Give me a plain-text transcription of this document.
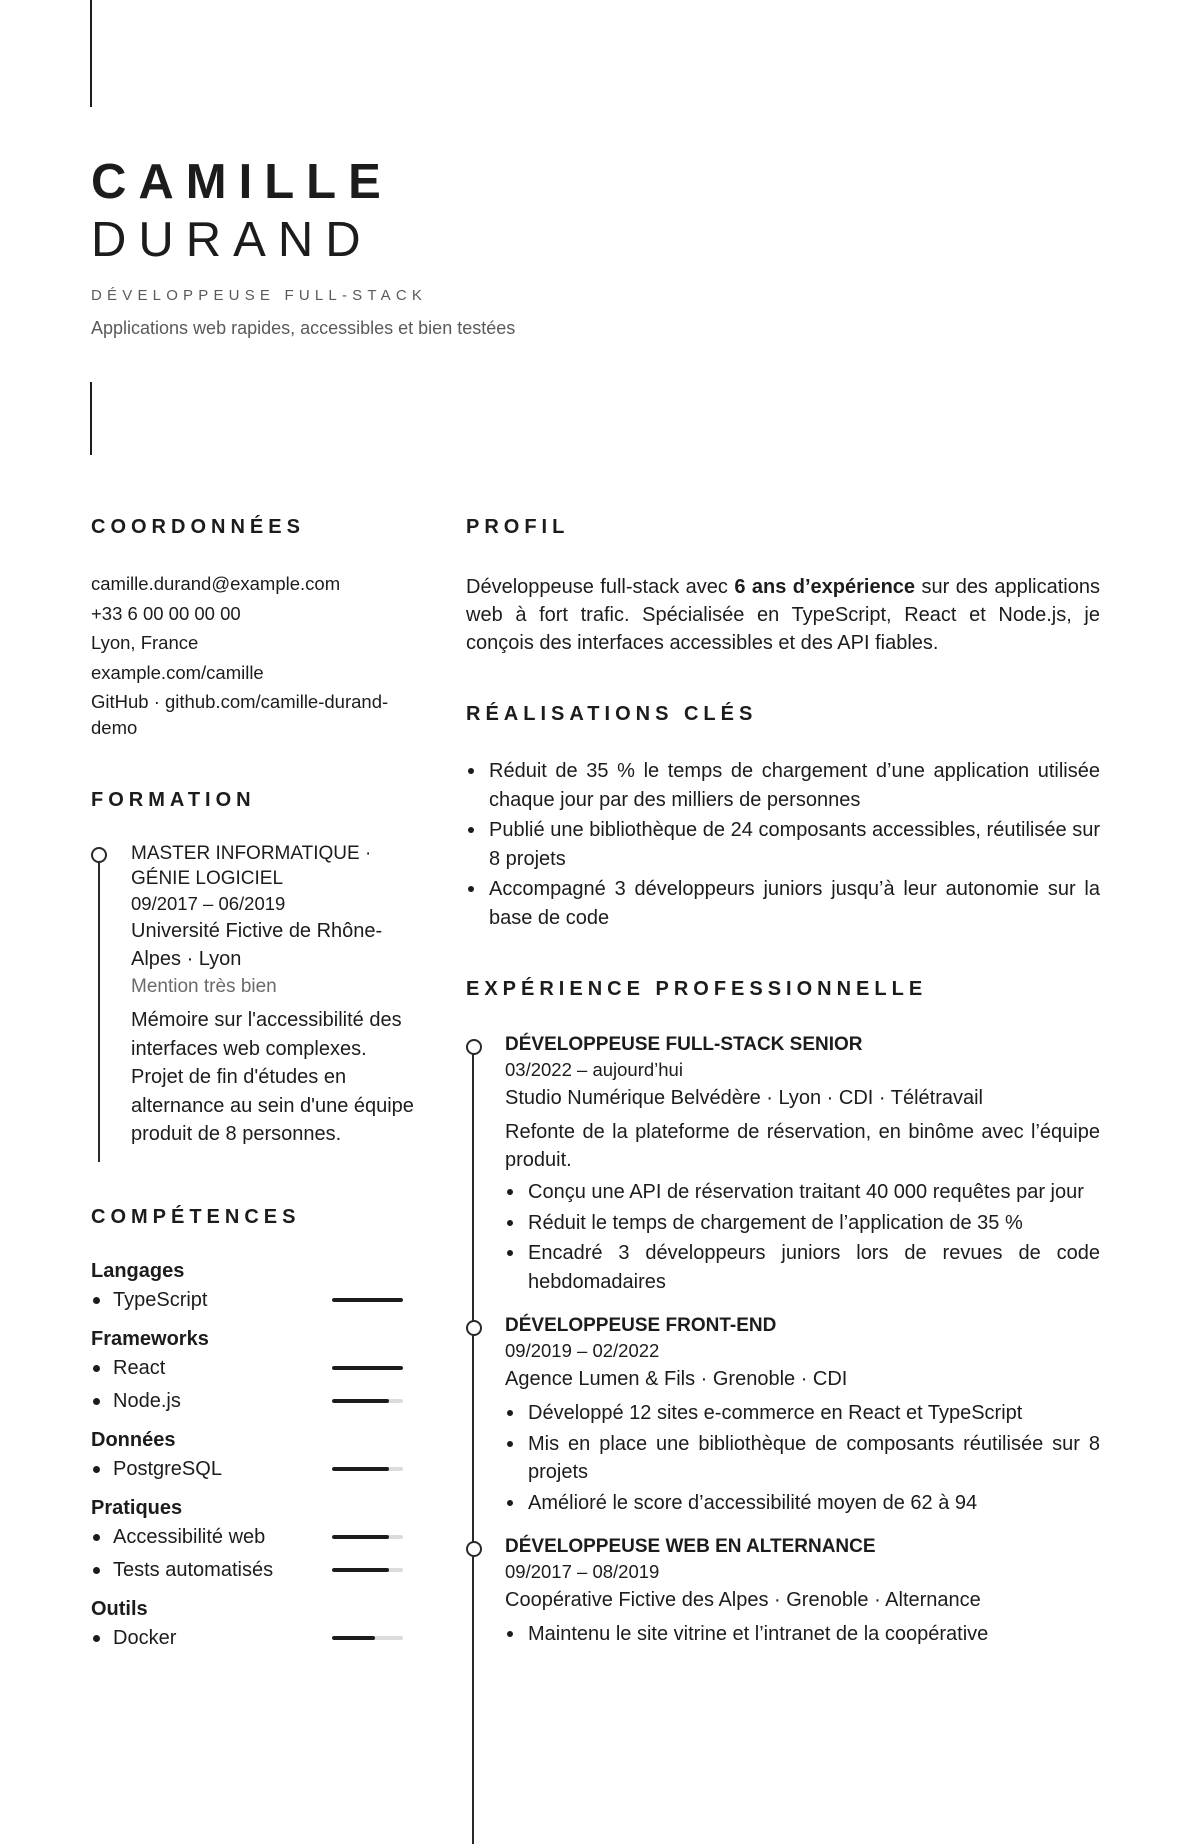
CAMILLE
DURAND
DÉVELOPPEUSE FULL-STACK
Applications web rapides, accessibles et bien testées
COORDONNÉES
camille.durand@example.com
+33 6 00 00 00 00
Lyon, France
example.com/camille
GitHub · github.com/camille-durand-demo
FORMATION
MASTER INFORMATIQUE · GÉNIE LOGICIEL
09/2017 – 06/2019
Université Fictive de Rhône-Alpes · Lyon
Mention très bien
Mémoire sur l'accessibilité des interfaces web complexes. Projet de fin d'études en alternance au sein d'une équipe produit de 8 personnes.
COMPÉTENCES
Langages
TypeScript
Frameworks
React
Node.js
Données
PostgreSQL
Pratiques
Accessibilité web
Tests automatisés
Outils
Docker
PROFIL
Développeuse full-stack avec 6 ans d’expérience sur des applications web à fort trafic. Spécialisée en TypeScript, React et Node.js, je conçois des interfaces accessibles et des API fiables.
RÉALISATIONS CLÉS
Réduit de 35 % le temps de chargement d’une application utilisée chaque jour par des milliers de personnes
Publié une bibliothèque de 24 composants accessibles, réutilisée sur 8 projets
Accompagné 3 développeurs juniors jusqu’à leur autonomie sur la base de code
EXPÉRIENCE PROFESSIONNELLE
DÉVELOPPEUSE FULL-STACK SENIOR
03/2022 – aujourd’hui
Studio Numérique Belvédère · Lyon · CDI · Télétravail
Refonte de la plateforme de réservation, en binôme avec l’équipe produit.
Conçu une API de réservation traitant 40 000 requêtes par jour
Réduit le temps de chargement de l’application de 35 %
Encadré 3 développeurs juniors lors de revues de code hebdomadaires
DÉVELOPPEUSE FRONT-END
09/2019 – 02/2022
Agence Lumen & Fils · Grenoble · CDI
Développé 12 sites e-commerce en React et TypeScript
Mis en place une bibliothèque de composants réutilisée sur 8 projets
Amélioré le score d’accessibilité moyen de 62 à 94
DÉVELOPPEUSE WEB EN ALTERNANCE
09/2017 – 08/2019
Coopérative Fictive des Alpes · Grenoble · Alternance
Maintenu le site vitrine et l’intranet de la coopérative
